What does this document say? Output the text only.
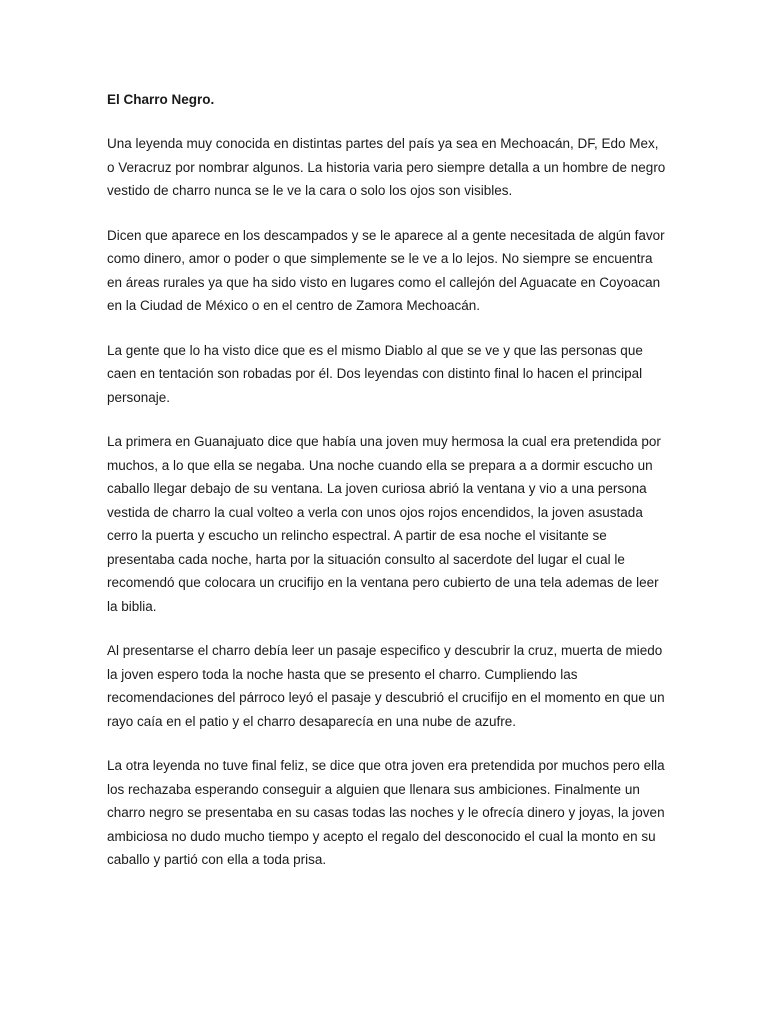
El Charro Negro.

Una leyenda muy conocida en distintas partes del país ya sea en Mechoacán, DF, Edo Mex, o Veracruz por nombrar algunos. La historia varia pero siempre detalla a un hombre de negro vestido de charro nunca se le ve la cara o solo los ojos son visibles.

Dicen que aparece en los descampados y se le aparece al a gente necesitada de algún favor como dinero, amor o poder o que simplemente se le ve a lo lejos. No siempre se encuentra en áreas rurales ya que ha sido visto en lugares como el callejón del Aguacate en Coyoacan en la Ciudad de México o en el centro de Zamora Mechoacán.

La gente que lo ha visto dice que es el mismo Diablo al que se ve y que las personas que caen en tentación son robadas por él. Dos leyendas con distinto final lo hacen el principal personaje.

La primera en Guanajuato dice que había una joven muy hermosa la cual era pretendida por muchos, a lo que ella se negaba. Una noche cuando ella se prepara a a dormir escucho un caballo llegar debajo de su ventana. La joven curiosa abrió la ventana y vio a una persona vestida de charro la cual volteo a verla con unos ojos rojos encendidos, la joven asustada cerro la puerta y escucho un relincho espectral. A partir de esa noche el visitante se presentaba cada noche, harta por la situación consulto al sacerdote del lugar el cual le recomendó que colocara un crucifijo en la ventana pero cubierto de una tela ademas de leer la biblia.

Al presentarse el charro debía leer un pasaje especifico y descubrir la cruz, muerta de miedo la joven espero toda la noche hasta que se presento el charro. Cumpliendo las recomendaciones del párroco leyó el pasaje y descubrió el crucifijo en el momento en que un rayo caía en el patio y el charro desaparecía en una nube de azufre.

La otra leyenda no tuve final feliz, se dice que otra joven era pretendida por muchos pero ella los rechazaba esperando conseguir a alguien que llenara sus ambiciones. Finalmente un charro negro se presentaba en su casas todas las noches y le ofrecía dinero y joyas, la joven ambiciosa no dudo mucho tiempo y acepto el regalo del desconocido el cual la monto en su caballo y partió con ella a toda prisa.
